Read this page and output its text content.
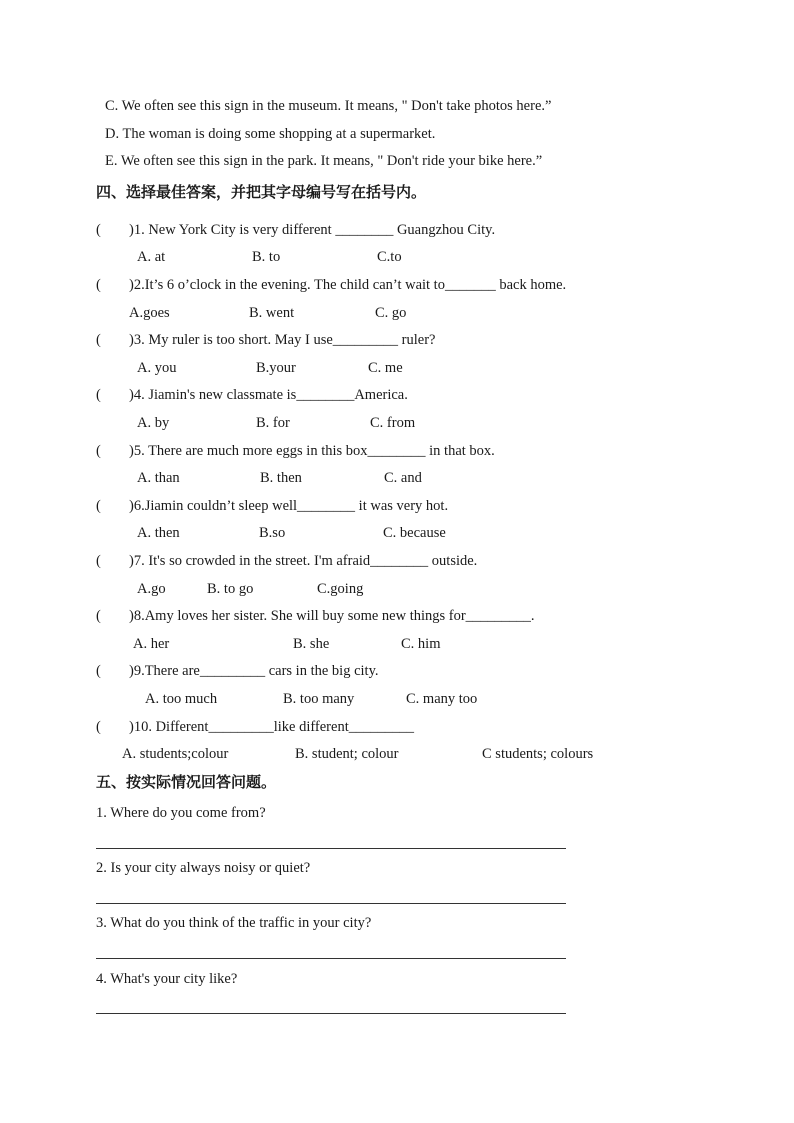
C. We often see this sign in the museum. It means, " Don't take photos here.”
D. The woman is doing some shopping at a supermarket.
E. We often see this sign in the park. It means, " Don't ride your bike here.”
四、选择最佳答案，并把其字母编号写在括号内。
( )1. New York City is very different ________ Guangzhou City.
A. at	B. to	C.to
( )2.It’s 6 o’clock in the evening. The child can’t wait to_______ back home.
A.goes	B. went	C. go
( )3. My ruler is too short. May I use_________ ruler?
A. you	B.your	C. me
( )4. Jiamin's new classmate is________America.
A. by	B. for	C. from
( )5. There are much more eggs in this box________ in that box.
A. than	B. then	C. and
( )6.Jiamin couldn’t sleep well________ it was very hot.
A. then	B.so	C. because
( )7. It's so crowded in the street. I'm afraid________ outside.
A.go	B. to go	C.going
( )8.Amy loves her sister. She will buy some new things for_________.
A. her	B. she	C. him
( )9.There are_________ cars in the big city.
A. too much	B. too many	C. many too
( )10. Different_________like different_________
A. students;colour	B. student; colour	C students; colours
五、按实际情况回答问题。
1. Where do you come from?
2. Is your city always noisy or quiet?
3. What do you think of the traffic in your city?
4. What's your city like?
